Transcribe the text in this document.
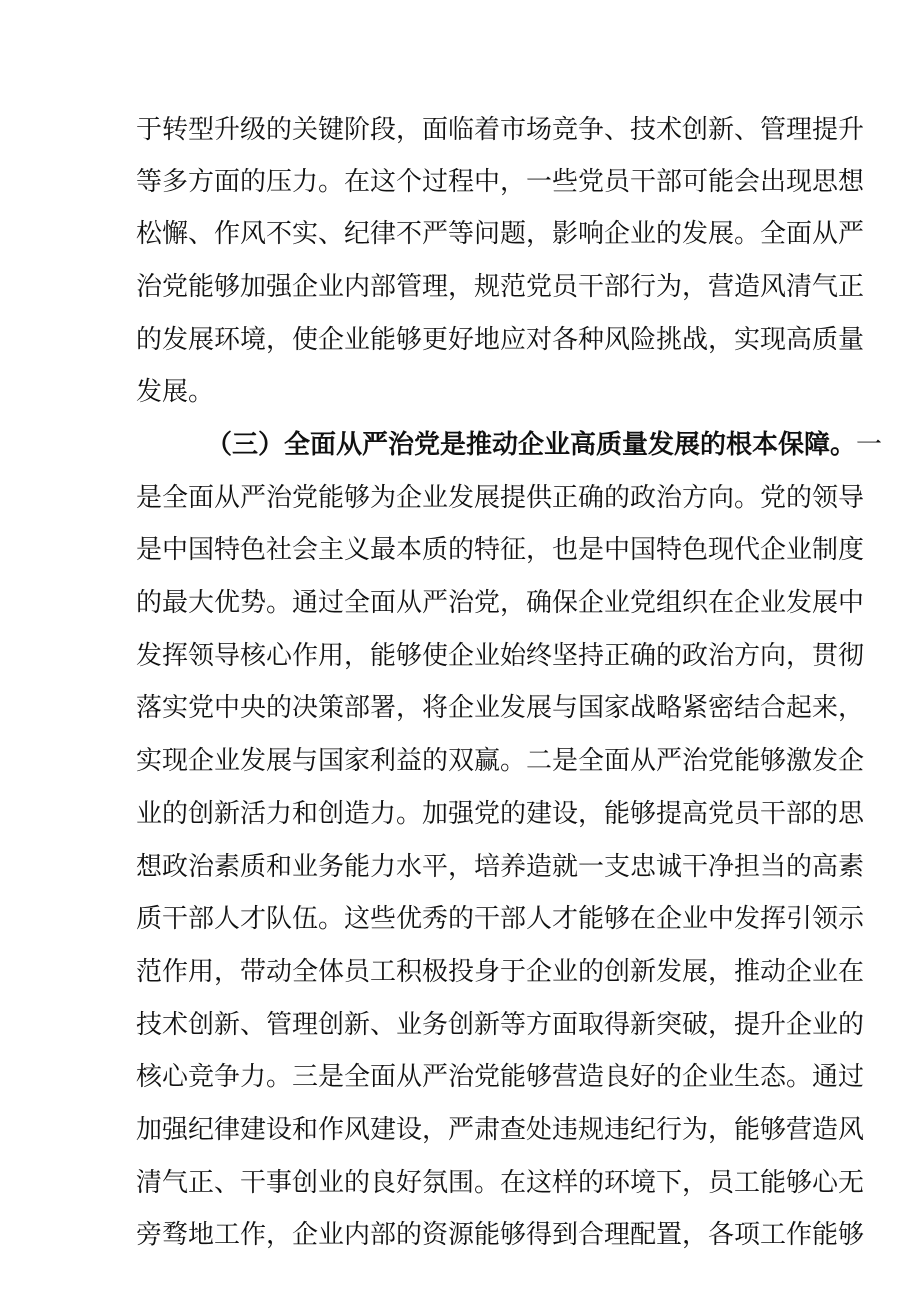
于转型升级的关键阶段，面临着市场竞争、技术创新、管理提升
等多方面的压力。在这个过程中，一些党员干部可能会出现思想
松懈、作风不实、纪律不严等问题，影响企业的发展。全面从严
治党能够加强企业内部管理，规范党员干部行为，营造风清气正
的发展环境，使企业能够更好地应对各种风险挑战，实现高质量
发展。
（三）全面从严治党是推动企业高质量发展的根本保障。一
是全面从严治党能够为企业发展提供正确的政治方向。党的领导
是中国特色社会主义最本质的特征，也是中国特色现代企业制度
的最大优势。通过全面从严治党，确保企业党组织在企业发展中
发挥领导核心作用，能够使企业始终坚持正确的政治方向，贯彻
落实党中央的决策部署，将企业发展与国家战略紧密结合起来，
实现企业发展与国家利益的双赢。二是全面从严治党能够激发企
业的创新活力和创造力。加强党的建设，能够提高党员干部的思
想政治素质和业务能力水平，培养造就一支忠诚干净担当的高素
质干部人才队伍。这些优秀的干部人才能够在企业中发挥引领示
范作用，带动全体员工积极投身于企业的创新发展，推动企业在
技术创新、管理创新、业务创新等方面取得新突破，提升企业的
核心竞争力。三是全面从严治党能够营造良好的企业生态。通过
加强纪律建设和作风建设，严肃查处违规违纪行为，能够营造风
清气正、干事创业的良好氛围。在这样的环境下，员工能够心无
旁骛地工作，企业内部的资源能够得到合理配置，各项工作能够
